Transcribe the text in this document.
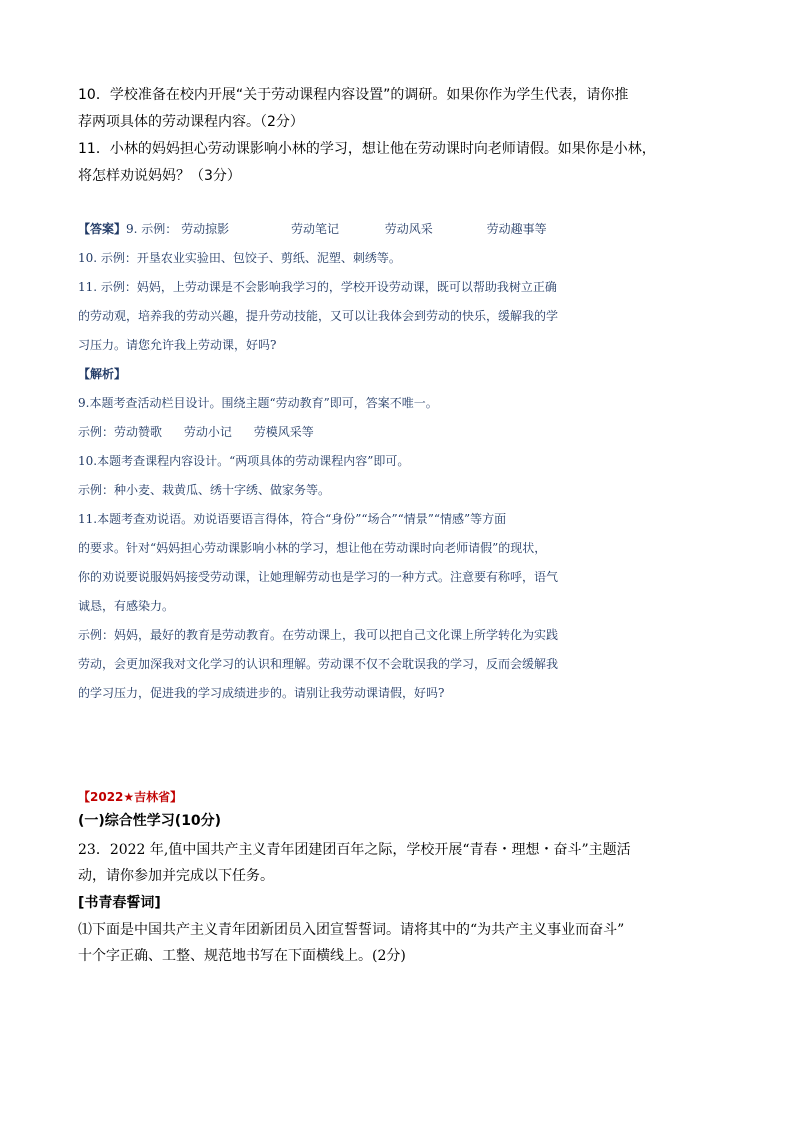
10．学校准备在校内开展“关于劳动课程内容设置”的调研。如果你作为学生代表，请你推

荐两项具体的劳动课程内容。（2分）

11．小林的妈妈担心劳动课影响小林的学习，想让他在劳动课时向老师请假。如果你是小林，

将怎样劝说妈妈？（3分）

【答案】9. 示例： 劳动掠影	劳动笔记	劳动风采	劳动趣事等

10. 示例：开垦农业实验田、包饺子、剪纸、泥塑、刺绣等。

11. 示例：妈妈，上劳动课是不会影响我学习的，学校开设劳动课，既可以帮助我树立正确

的劳动观，培养我的劳动兴趣，提升劳动技能，又可以让我体会到劳动的快乐，缓解我的学

习压力。请您允许我上劳动课，好吗?

【解析】

9.本题考查活动栏目设计。围绕主题“劳动教育”即可，答案不唯一。

示例：劳动赞歌 劳动小记 劳模风采等

10.本题考查课程内容设计。“两项具体的劳动课程内容”即可。

示例：种小麦、栽黄瓜、绣十字绣、做家务等。

11.本题考查劝说语。劝说语要语言得体，符合“身份”“场合”“情景”“情感”等方面

的要求。针对“妈妈担心劳动课影响小林的学习，想让他在劳动课时向老师请假”的现状，

你的劝说要说服妈妈接受劳动课，让她理解劳动也是学习的一种方式。注意要有称呼，语气

诚恳，有感染力。

示例：妈妈，最好的教育是劳动教育。在劳动课上，我可以把自己文化课上所学转化为实践

劳动，会更加深我对文化学习的认识和理解。劳动课不仅不会耽误我的学习，反而会缓解我

的学习压力，促进我的学习成绩进步的。请别让我劳动课请假，好吗?

【2022★吉林省】

(一)综合性学习(10分)

23．2022 年,值中国共产主义青年团建团百年之际，学校开展“青春・理想・奋斗”主题活

动，请你参加并完成以下任务。

[书青春誓词]

⑴下面是中国共产主义青年团新团员入团宣誓誓词。请将其中的“为共产主义事业而奋斗”

十个字正确、工整、规范地书写在下面横线上。(2分)
